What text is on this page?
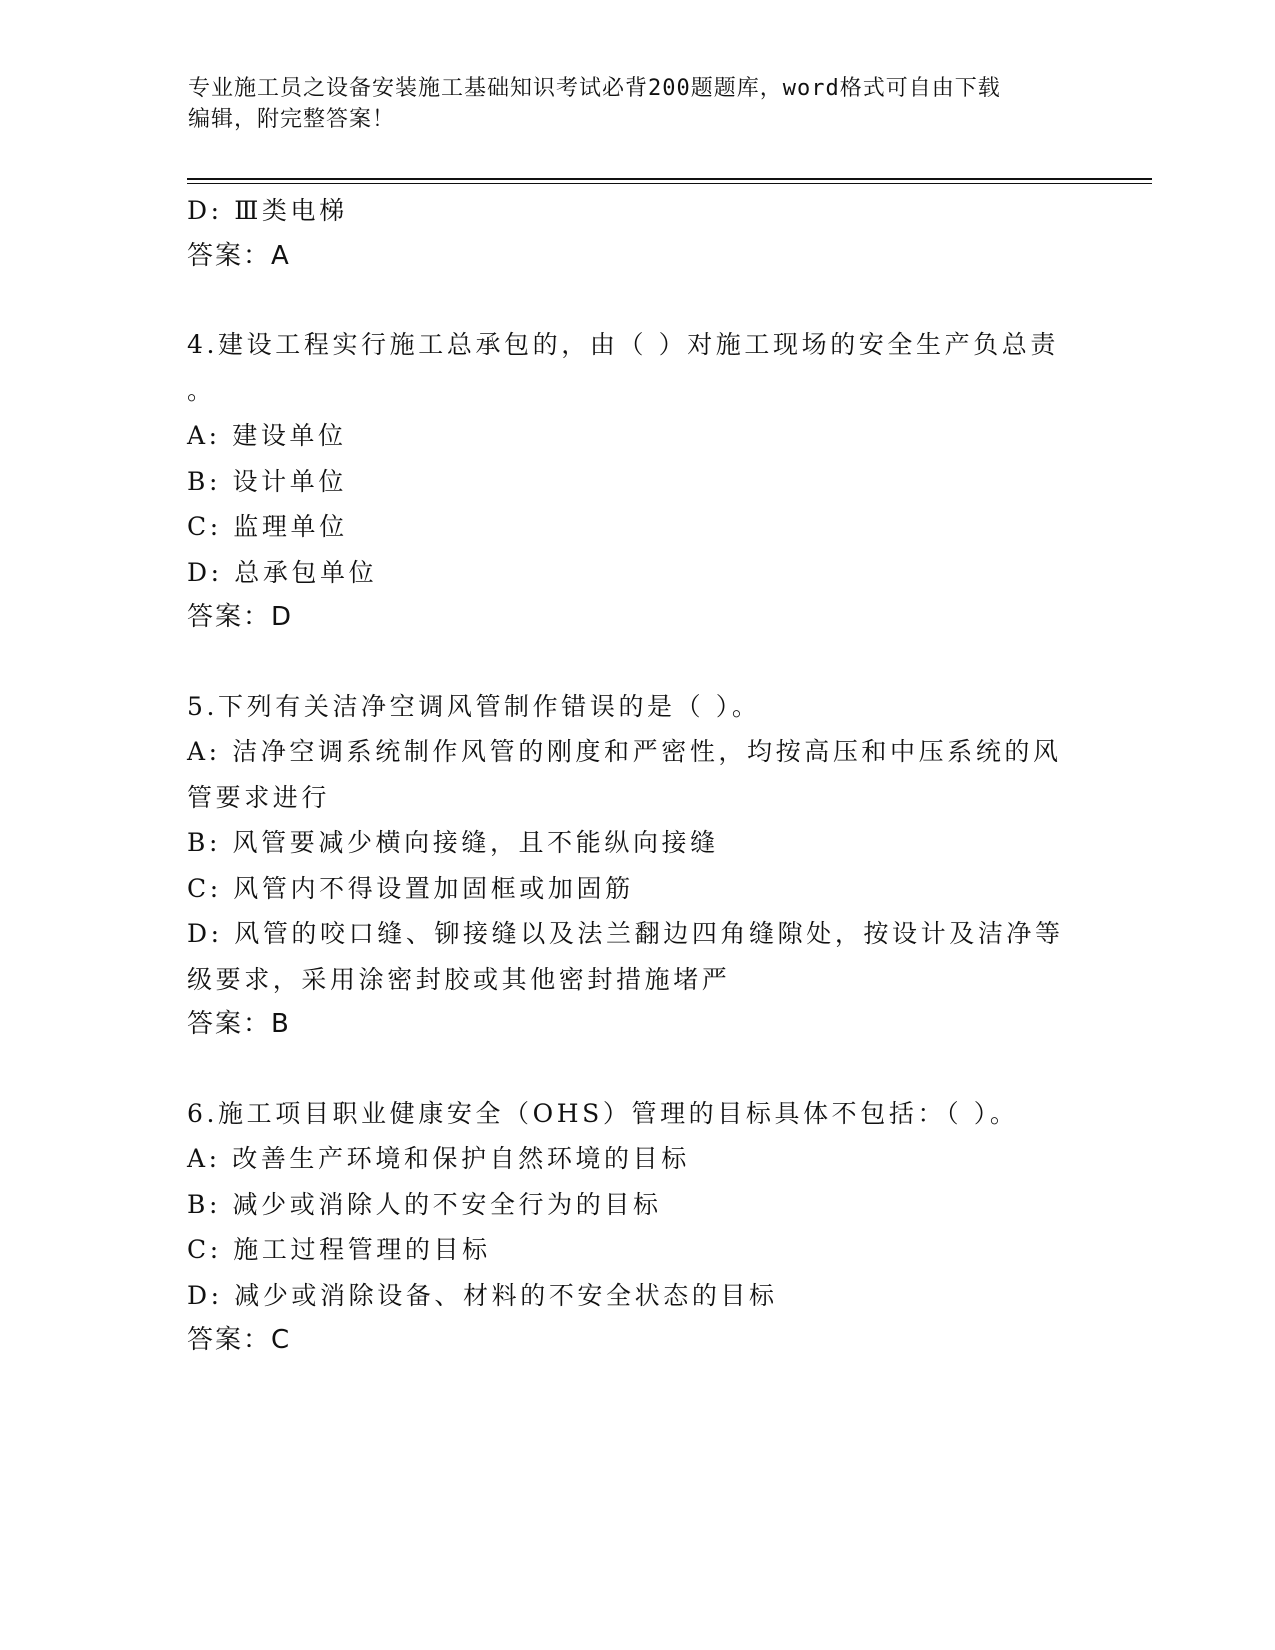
专业施工员之设备安装施工基础知识考试必背200题题库，word格式可自由下载
编辑，附完整答案！
D: Ⅲ类电梯
答案：A
4.建设工程实行施工总承包的，由（ ）对施工现场的安全生产负总责
。
A: 建设单位
B: 设计单位
C: 监理单位
D: 总承包单位
答案：D
5.下列有关洁净空调风管制作错误的是（ ）。
A: 洁净空调系统制作风管的刚度和严密性，均按高压和中压系统的风
管要求进行
B: 风管要减少横向接缝，且不能纵向接缝
C: 风管内不得设置加固框或加固筋
D: 风管的咬口缝、铆接缝以及法兰翻边四角缝隙处，按设计及洁净等
级要求，采用涂密封胶或其他密封措施堵严
答案：B
6.施工项目职业健康安全（OHS）管理的目标具体不包括：（ ）。
A: 改善生产环境和保护自然环境的目标
B: 减少或消除人的不安全行为的目标
C: 施工过程管理的目标
D: 减少或消除设备、材料的不安全状态的目标
答案：C
